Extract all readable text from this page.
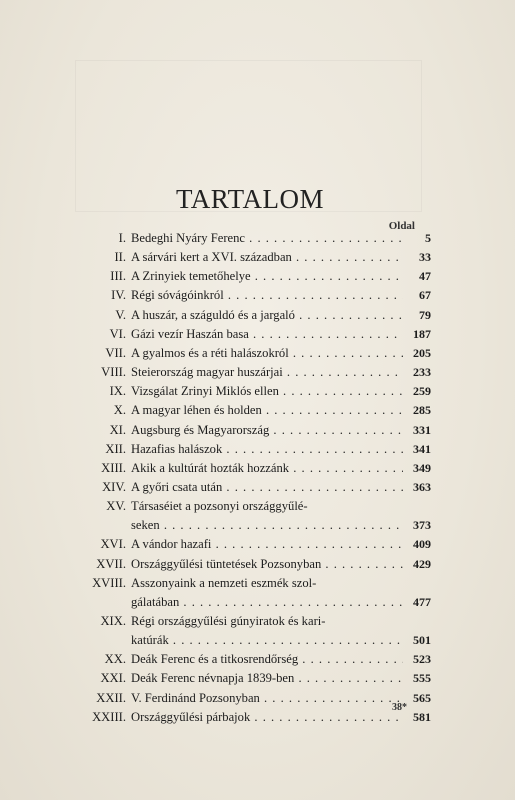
TARTALOM
Oldal
I. Bedeghi Nyáry Ferenc . . .	5
II. A sárvári kert a XVI. században . . .	33
III. A Zrinyiek temetőhelye . . .	47
IV. Régi sóvágóinkról . . .	67
V. A huszár, a száguldó és a jargaló . . .	79
VI. Gázi vezír Haszán basa . . .	187
VII. A gyalmos és a réti halászokról . . .	205
VIII. Steierország magyar huszárjai . . .	233
IX. Vizsgálat Zrinyi Miklós ellen . . .	259
X. A magyar léhen és holden . . .	285
XI. Augsburg és Magyarország . . .	331
XII. Hazafias halászok . . .	341
XIII. Akik a kultúrát hozták hozzánk . . .	349
XIV. A győri csata után . . .	363
XV. Társaséiet a pozsonyi országgyűlé-
seken . . .	373
XVI. A vándor hazafi . . .	409
XVII. Országgyűlési tüntetések Pozsonyban . . .	429
XVIII. Asszonyaink a nemzeti eszmék szol-
gálatában . . .	477
XIX. Régi országgyűlési gúnyiratok és kari-
katúrák . . .	501
XX. Deák Ferenc és a titkosrendőrség . . .	523
XXI. Deák Ferenc névnapja 1839-ben . . .	555
XXII. V. Ferdinánd Pozsonyban . . .	565
XXIII. Országgyűlési párbajok . . .	581
38*
